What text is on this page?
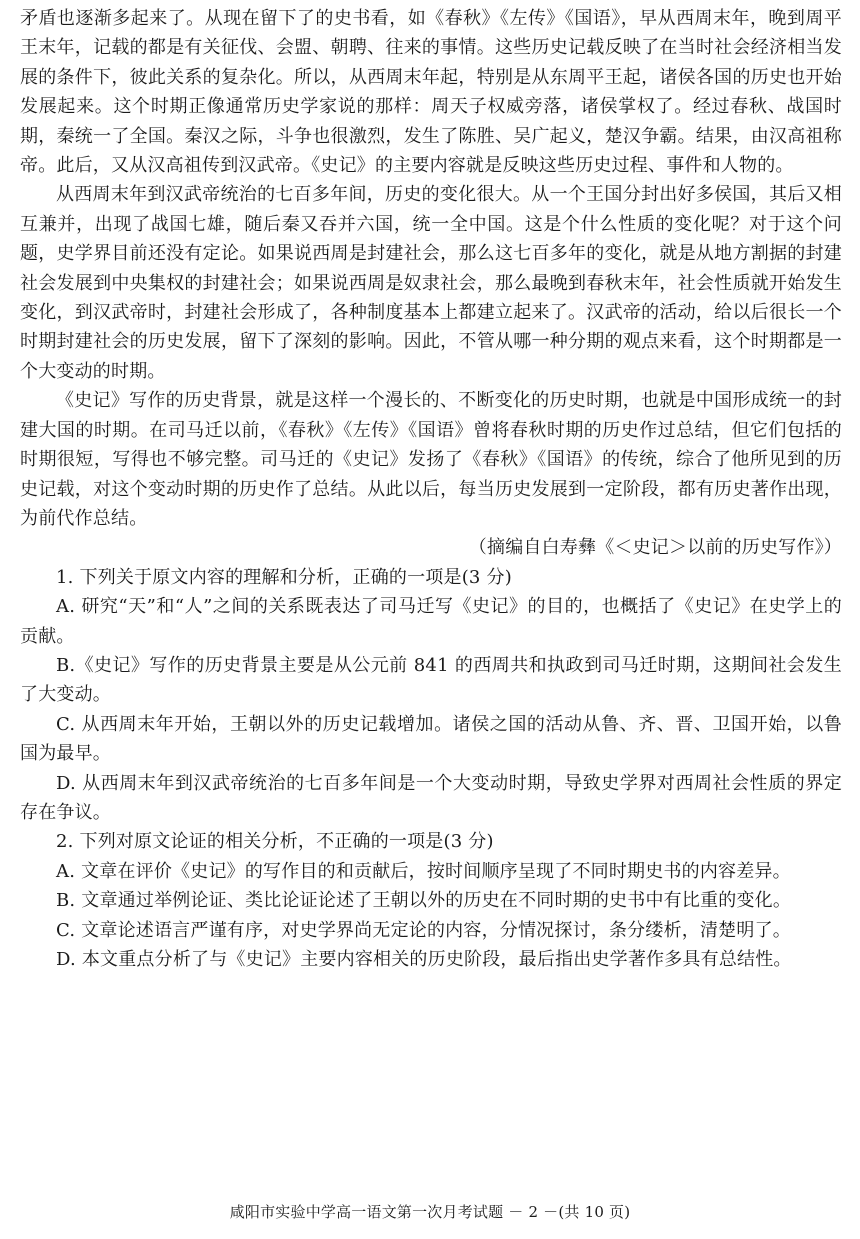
矛盾也逐渐多起来了。从现在留下了的史书看，如《春秋》《左传》《国语》，早从西周末年，晚到周平王末年，记载的都是有关征伐、会盟、朝聘、往来的事情。这些历史记载反映了在当时社会经济相当发展的条件下，彼此关系的复杂化。所以，从西周末年起，特别是从东周平王起，诸侯各国的历史也开始发展起来。这个时期正像通常历史学家说的那样：周天子权威旁落，诸侯掌权了。经过春秋、战国时期，秦统一了全国。秦汉之际，斗争也很激烈，发生了陈胜、吴广起义，楚汉争霸。结果，由汉高祖称帝。此后，又从汉高祖传到汉武帝。《史记》的主要内容就是反映这些历史过程、事件和人物的。

从西周末年到汉武帝统治的七百多年间，历史的变化很大。从一个王国分封出好多侯国，其后又相互兼并，出现了战国七雄，随后秦又吞并六国，统一全中国。这是个什么性质的变化呢？对于这个问题，史学界目前还没有定论。如果说西周是封建社会，那么这七百多年的变化，就是从地方割据的封建社会发展到中央集权的封建社会；如果说西周是奴隶社会，那么最晚到春秋末年，社会性质就开始发生变化，到汉武帝时，封建社会形成了，各种制度基本上都建立起来了。汉武帝的活动，给以后很长一个时期封建社会的历史发展，留下了深刻的影响。因此，不管从哪一种分期的观点来看，这个时期都是一个大变动的时期。

《史记》写作的历史背景，就是这样一个漫长的、不断变化的历史时期，也就是中国形成统一的封建大国的时期。在司马迁以前，《春秋》《左传》《国语》曾将春秋时期的历史作过总结，但它们包括的时期很短，写得也不够完整。司马迁的《史记》发扬了《春秋》《国语》的传统，综合了他所见到的历史记载，对这个变动时期的历史作了总结。从此以后，每当历史发展到一定阶段，都有历史著作出现，为前代作总结。

（摘编自白寿彝《＜史记＞以前的历史写作》）

1. 下列关于原文内容的理解和分析，正确的一项是(3 分)

A. 研究“天”和“人”之间的关系既表达了司马迁写《史记》的目的，也概括了《史记》在史学上的贡献。

B.《史记》写作的历史背景主要是从公元前 841 的西周共和执政到司马迁时期，这期间社会发生了大变动。

C. 从西周末年开始，王朝以外的历史记载增加。诸侯之国的活动从鲁、齐、晋、卫国开始，以鲁国为最早。

D. 从西周末年到汉武帝统治的七百多年间是一个大变动时期，导致史学界对西周社会性质的界定存在争议。

2. 下列对原文论证的相关分析，不正确的一项是(3 分)

A. 文章在评价《史记》的写作目的和贡献后，按时间顺序呈现了不同时期史书的内容差异。

B. 文章通过举例论证、类比论证论述了王朝以外的历史在不同时期的史书中有比重的变化。

C. 文章论述语言严谨有序，对史学界尚无定论的内容，分情况探讨，条分缕析，清楚明了。

D. 本文重点分析了与《史记》主要内容相关的历史阶段，最后指出史学著作多具有总结性。

咸阳市实验中学高一语文第一次月考试题 － 2 －(共 10 页)
